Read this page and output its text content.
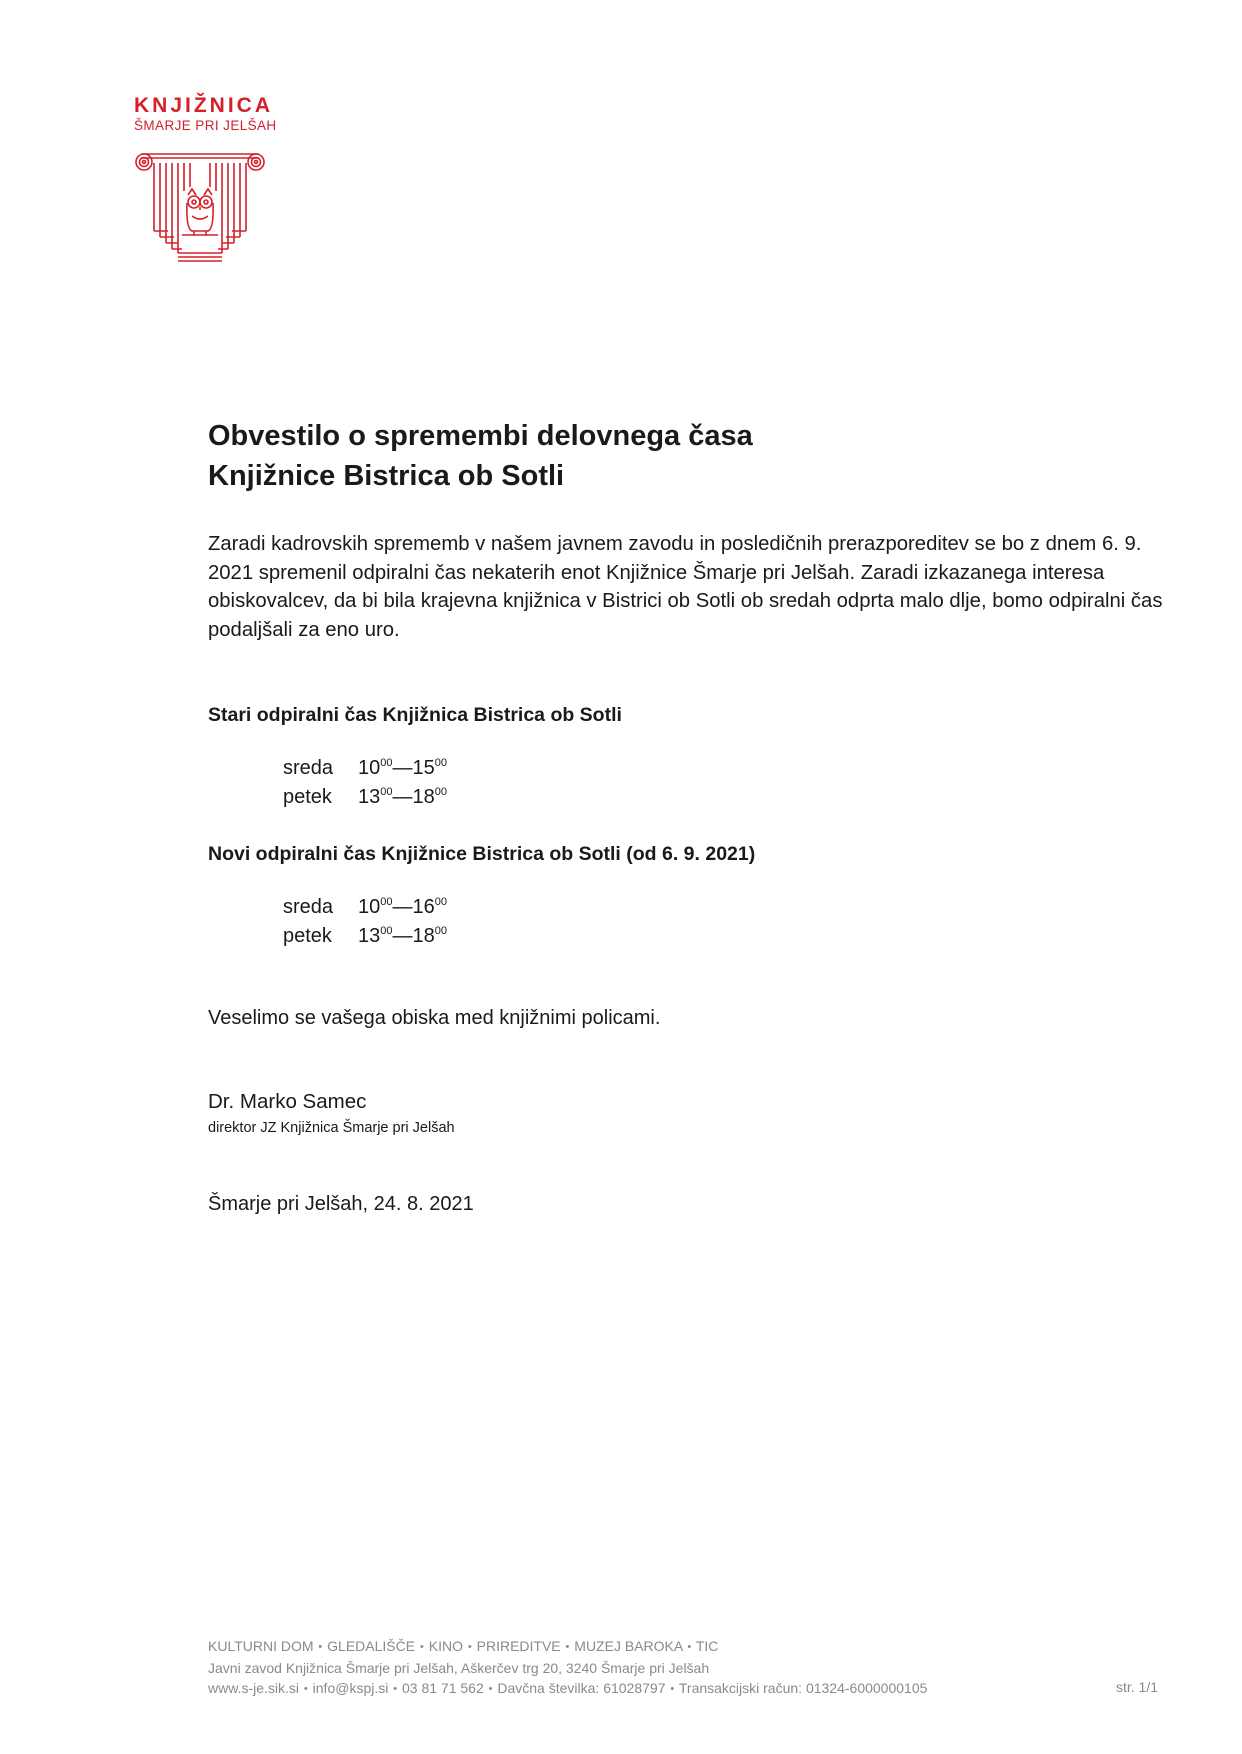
KNJIŽNICA
ŠMARJE PRI JELŠAH
Obvestilo o spremembi delovnega časa
Knjižnice Bistrica ob Sotli

Zaradi kadrovskih sprememb v našem javnem zavodu in posledičnih prerazporeditev se bo z dnem 6. 9. 2021 spremenil odpiralni čas nekaterih enot Knjižnice Šmarje pri Jelšah. Zaradi izkazanega interesa obiskovalcev, da bi bila krajevna knjižnica v Bistrici ob Sotli ob sredah odprta malo dlje, bomo odpiralni čas podaljšali za eno uro.

Stari odpiralni čas Knjižnica Bistrica ob Sotli
sreda	$10^{00}—15^{00}$
petek	$13^{00}—18^{00}$
Novi odpiralni čas Knjižnice Bistrica ob Sotli (od 6. 9. 2021)
sreda	$10^{00}—16^{00}$
petek	$13^{00}—18^{00}$
Veselimo se vašega obiska med knjižnimi policami.
Dr. Marko Samec
direktor JZ Knjižnica Šmarje pri Jelšah
Šmarje pri Jelšah, 24. 8. 2021
KULTURNI DOM • GLEDALIŠČE • KINO • PRIREDITVE • MUZEJ BAROKA • TIC
Javni zavod Knjižnica Šmarje pri Jelšah, Aškerčev trg 20, 3240 Šmarje pri Jelšah
www.s-je.sik.si • info@kspj.si • 03 81 71 562 • Davčna številka: 61028797 • Transakcijski račun: 01324-6000000105	str. 1/1
